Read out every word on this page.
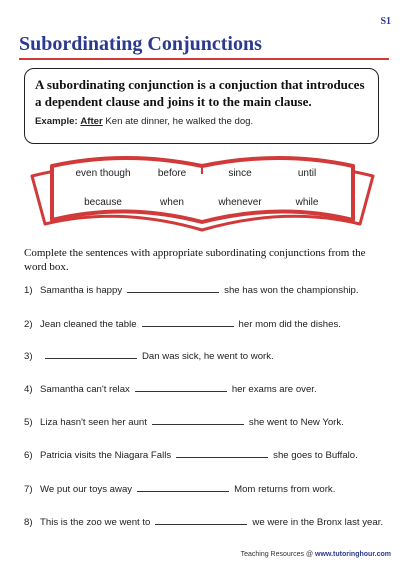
S1
Subordinating Conjunctions
A subordinating conjunction is a conjuction that introduces a dependent clause and joins it to the main clause.
Example: After Ken ate dinner, he walked the dog.
even though	before	since	until
because	when	whenever	while
Complete the sentences with appropriate subordinating conjunctions from the word box.
1) Samantha is happy	she has won the championship.
2) Jean cleaned the table	her mom did the dishes.
3)	Dan was sick, he went to work.
4) Samantha can't relax	her exams are over.
5) Liza hasn't seen her aunt	she went to New York.
6) Patricia visits the Niagara Falls	she goes to Buffalo.
7) We put our toys away	Mom returns from work.
8) This is the zoo we went to	we were in the Bronx last year.
Teaching Resources @ www.tutoringhour.com
